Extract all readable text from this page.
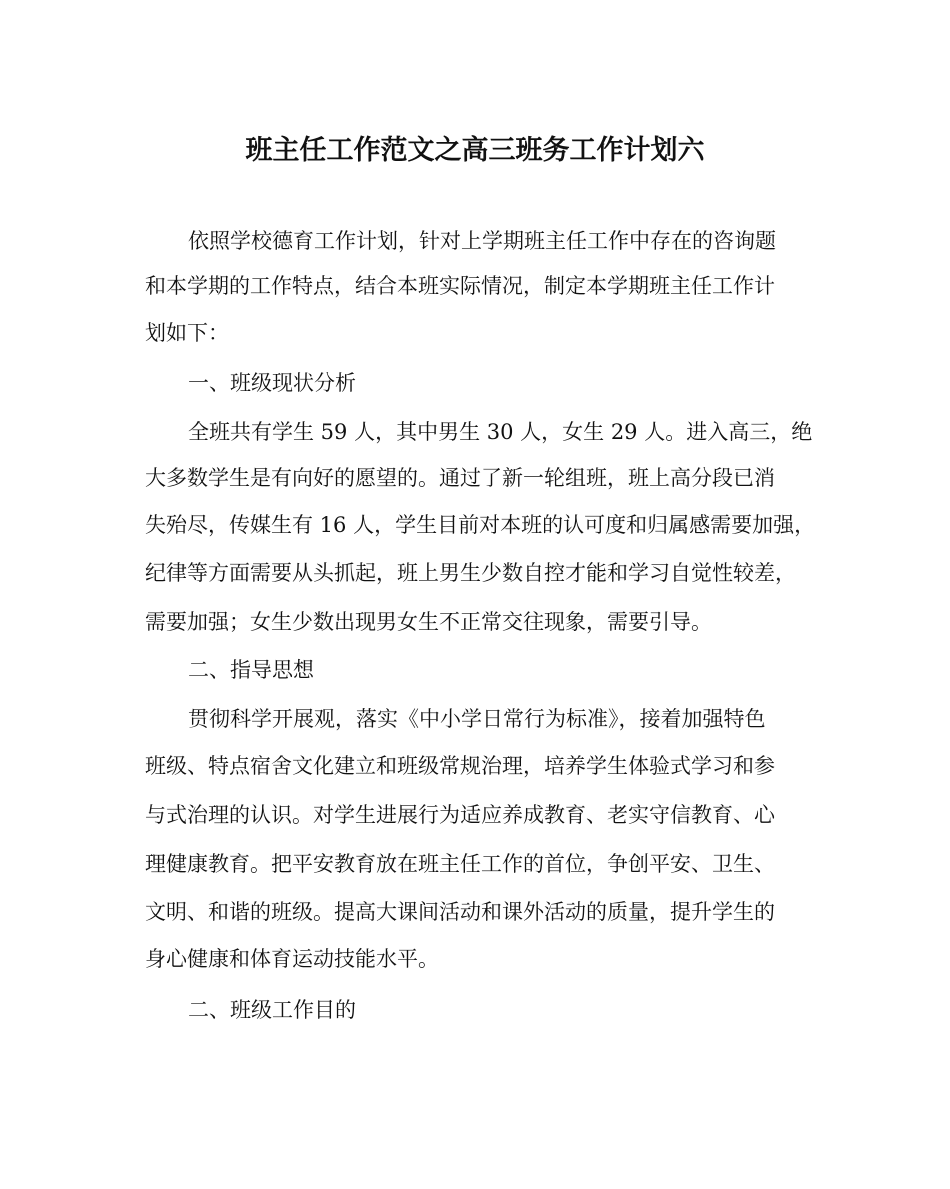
班主任工作范文之高三班务工作计划六
依照学校德育工作计划，针对上学期班主任工作中存在的咨询题
和本学期的工作特点，结合本班实际情况，制定本学期班主任工作计
划如下：
一、班级现状分析
全班共有学生 59 人，其中男生 30 人，女生 29 人。进入高三，绝
大多数学生是有向好的愿望的。通过了新一轮组班，班上高分段已消
失殆尽，传媒生有 16 人，学生目前对本班的认可度和归属感需要加强，
纪律等方面需要从头抓起，班上男生少数自控才能和学习自觉性较差，
需要加强；女生少数出现男女生不正常交往现象，需要引导。
二、指导思想
贯彻科学开展观，落实《中小学日常行为标准》，接着加强特色
班级、特点宿舍文化建立和班级常规治理，培养学生体验式学习和参
与式治理的认识。对学生进展行为适应养成教育、老实守信教育、心
理健康教育。把平安教育放在班主任工作的首位，争创平安、卫生、
文明、和谐的班级。提高大课间活动和课外活动的质量，提升学生的
身心健康和体育运动技能水平。
二、班级工作目的
